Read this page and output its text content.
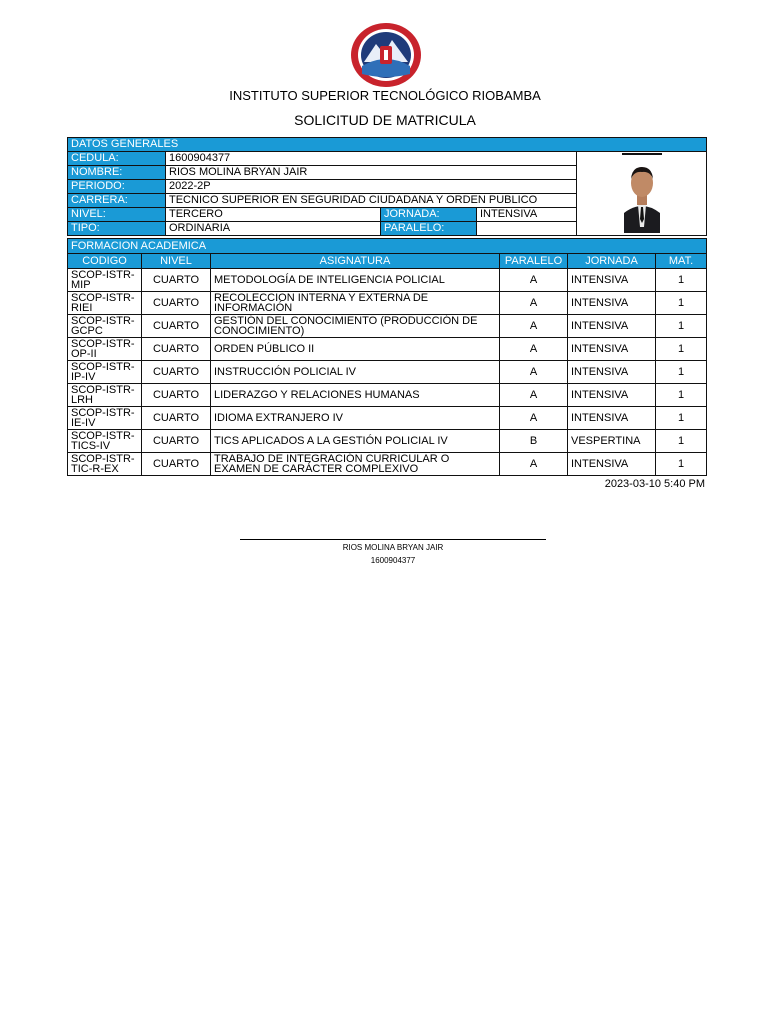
INSTITUTO SUPERIOR TECNOLÓGICO RIOBAMBA
SOLICITUD DE MATRICULA
DATOS GENERALES				
CEDULA:	1600904377			
NOMBRE:	RIOS MOLINA BRYAN JAIR			
PERIODO:	2022-2P			
CARRERA:	TECNICO SUPERIOR EN SEGURIDAD CIUDADANA Y ORDEN PUBLICO			
NIVEL:	TERCERO	JORNADA:	INTENSIVA	
TIPO:	ORDINARIA	PARALELO:		
FORMACION ACADEMICA					
CODIGO	NIVEL	ASIGNATURA	PARALELO	JORNADA	MAT.
SCOP-ISTR-MIP	CUARTO	METODOLOGÍA DE INTELIGENCIA POLICIAL	A	INTENSIVA	1
SCOP-ISTR-RIEI	CUARTO	RECOLECCION INTERNA Y EXTERNA DE INFORMACIÓN	A	INTENSIVA	1
SCOP-ISTR-GCPC	CUARTO	GESTIÓN DEL CONOCIMIENTO (PRODUCCIÓN DE CONOCIMIENTO)	A	INTENSIVA	1
SCOP-ISTR-OP-II	CUARTO	ORDEN PÚBLICO II	A	INTENSIVA	1
SCOP-ISTR-IP-IV	CUARTO	INSTRUCCIÓN POLICIAL IV	A	INTENSIVA	1
SCOP-ISTR-LRH	CUARTO	LIDERAZGO Y RELACIONES HUMANAS	A	INTENSIVA	1
SCOP-ISTR-IE-IV	CUARTO	IDIOMA EXTRANJERO IV	A	INTENSIVA	1
SCOP-ISTR-TICS-IV	CUARTO	TICS APLICADOS A LA GESTIÓN POLICIAL IV	B	VESPERTINA	1
SCOP-ISTR-TIC-R-EX	CUARTO	TRABAJO DE INTEGRACIÓN CURRICULAR O EXAMEN DE CARÁCTER COMPLEXIVO	A	INTENSIVA	1
2023-03-10 5:40 PM
RIOS MOLINA BRYAN JAIR
1600904377
